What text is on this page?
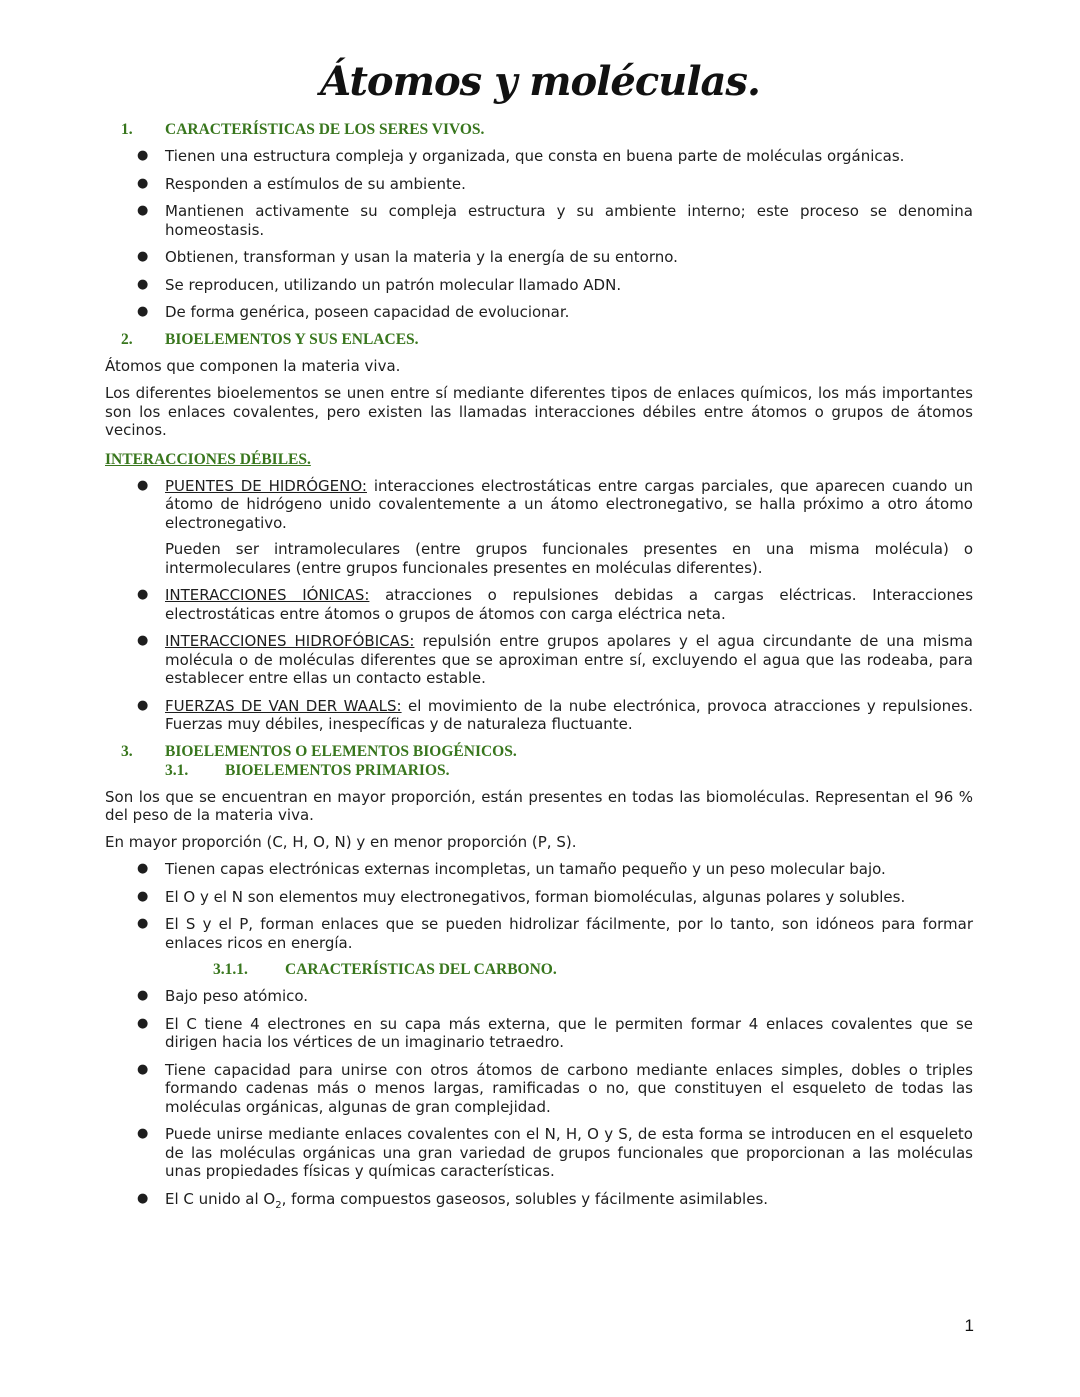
Átomos y moléculas.
1.	CARACTERÍSTICAS DE LOS SERES VIVOS.
● Tienen una estructura compleja y organizada, que consta en buena parte de moléculas orgánicas.
● Responden a estímulos de su ambiente.
● Mantienen activamente su compleja estructura y su ambiente interno; este proceso se denomina homeostasis.
● Obtienen, transforman y usan la materia y la energía de su entorno.
● Se reproducen, utilizando un patrón molecular llamado ADN.
● De forma genérica, poseen capacidad de evolucionar.
2.	BIOELEMENTOS Y SUS ENLACES.

Átomos que componen la materia viva.

Los diferentes bioelementos se unen entre sí mediante diferentes tipos de enlaces químicos, los más importantes son los enlaces covalentes, pero existen las llamadas interacciones débiles entre átomos o grupos de átomos vecinos.

INTERACCIONES DÉBILES.
● PUENTES DE HIDRÓGENO: interacciones electrostáticas entre cargas parciales, que aparecen cuando un átomo de hidrógeno unido covalentemente a un átomo electronegativo, se halla próximo a otro átomo electronegativo.
Pueden ser intramoleculares (entre grupos funcionales presentes en una misma molécula) o intermoleculares (entre grupos funcionales presentes en moléculas diferentes).
● INTERACCIONES IÓNICAS: atracciones o repulsiones debidas a cargas eléctricas. Interacciones electrostáticas entre átomos o grupos de átomos con carga eléctrica neta.
● INTERACCIONES HIDROFÓBICAS: repulsión entre grupos apolares y el agua circundante de una misma molécula o de moléculas diferentes que se aproximan entre sí, excluyendo el agua que las rodeaba, para establecer entre ellas un contacto estable.
● FUERZAS DE VAN DER WAALS: el movimiento de la nube electrónica, provoca atracciones y repulsiones. Fuerzas muy débiles, inespecíficas y de naturaleza fluctuante.
3.	BIOELEMENTOS O ELEMENTOS BIOGÉNICOS.
3.1.	BIOELEMENTOS PRIMARIOS.

Son los que se encuentran en mayor proporción, están presentes en todas las biomoléculas. Representan el 96 % del peso de la materia viva.

En mayor proporción (C, H, O, N) y en menor proporción (P, S).

● Tienen capas electrónicas externas incompletas, un tamaño pequeño y un peso molecular bajo.
● El O y el N son elementos muy electronegativos, forman biomoléculas, algunas polares y solubles.
● El S y el P, forman enlaces que se pueden hidrolizar fácilmente, por lo tanto, son idóneos para formar enlaces ricos en energía.
3.1.1.	CARACTERÍSTICAS DEL CARBONO.
● Bajo peso atómico.
● El C tiene 4 electrones en su capa más externa, que le permiten formar 4 enlaces covalentes que se dirigen hacia los vértices de un imaginario tetraedro.
● Tiene capacidad para unirse con otros átomos de carbono mediante enlaces simples, dobles o triples formando cadenas más o menos largas, ramificadas o no, que constituyen el esqueleto de todas las moléculas orgánicas, algunas de gran complejidad.
● Puede unirse mediante enlaces covalentes con el N, H, O y S, de esta forma se introducen en el esqueleto de las moléculas orgánicas una gran variedad de grupos funcionales que proporcionan a las moléculas unas propiedades físicas y químicas características.
● El C unido al $O_2$, forma compuestos gaseosos, solubles y fácilmente asimilables.
1
